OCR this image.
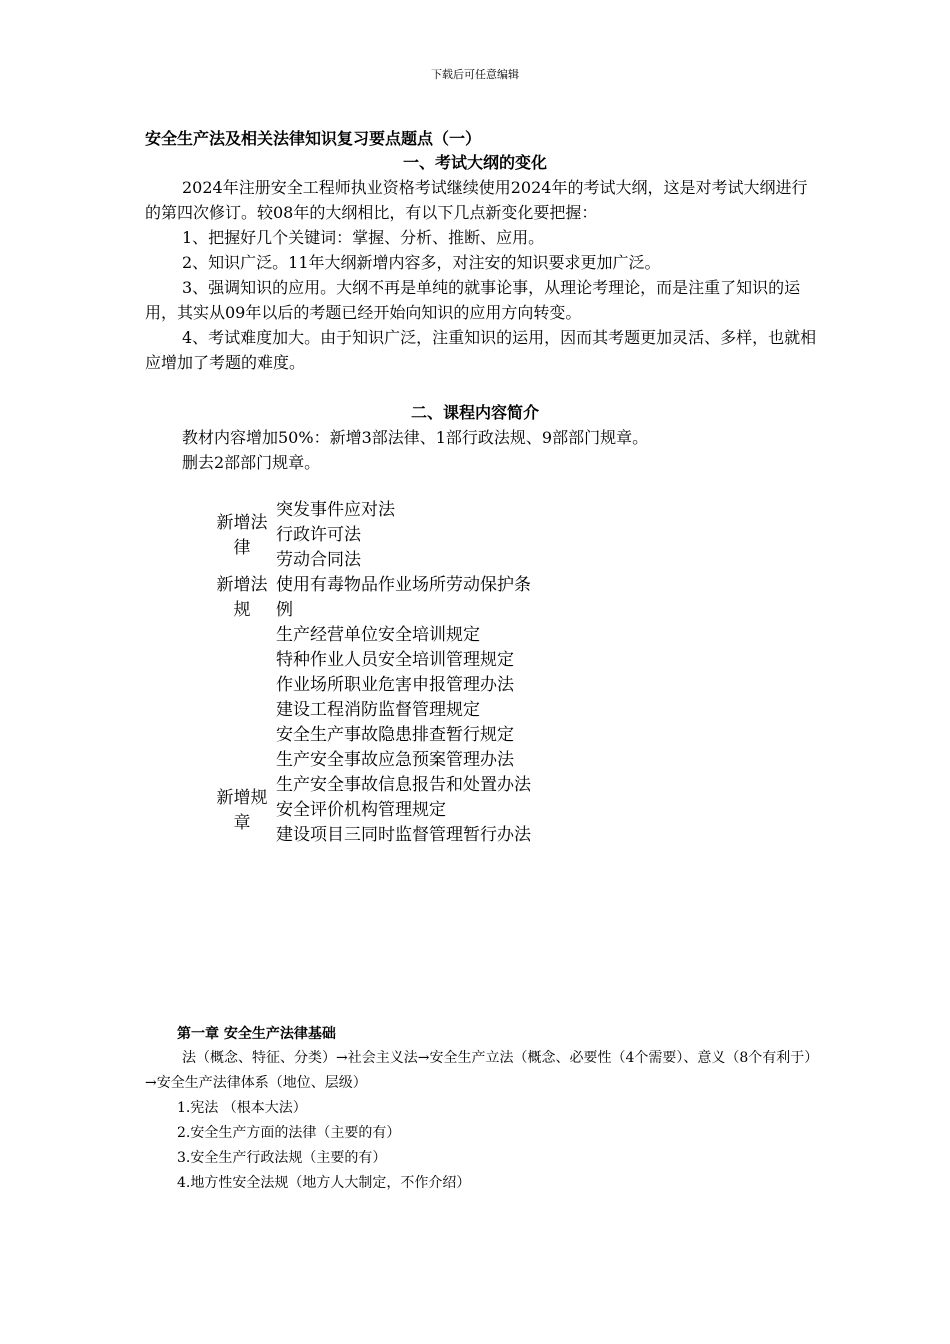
下载后可任意编辑
安全生产法及相关法律知识复习要点题点（一）
一、考试大纲的变化
2024年注册安全工程师执业资格考试继续使用2024年的考试大纲，这是对考试大纲进行的第四次修订。较08年的大纲相比，有以下几点新变化要把握：
1、把握好几个关键词：掌握、分析、推断、应用。
2、知识广泛。11年大纲新增内容多，对注安的知识要求更加广泛。
3、强调知识的应用。大纲不再是单纯的就事论事，从理论考理论，而是注重了知识的运用，其实从09年以后的考题已经开始向知识的应用方向转变。
4、考试难度加大。由于知识广泛，注重知识的运用，因而其考题更加灵活、多样，也就相应增加了考题的难度。
二、课程内容简介
教材内容增加50%：新增3部法律、1部行政法规、9部部门规章。
删去2部部门规章。
新增法律
新增法规
新增规章
突发事件应对法
行政许可法
劳动合同法
使用有毒物品作业场所劳动保护条例
生产经营单位安全培训规定
特种作业人员安全培训管理规定
作业场所职业危害申报管理办法
建设工程消防监督管理规定
安全生产事故隐患排查暂行规定
生产安全事故应急预案管理办法
生产安全事故信息报告和处置办法
安全评价机构管理规定
建设项目三同时监督管理暂行办法
第一章 安全生产法律基础
法（概念、特征、分类）→社会主义法→安全生产立法（概念、必要性（4个需要）、意义（8个有利于）→安全生产法律体系（地位、层级）
1.宪法 （根本大法）
2.安全生产方面的法律（主要的有）
3.安全生产行政法规（主要的有）
4.地方性安全法规（地方人大制定，不作介绍）
